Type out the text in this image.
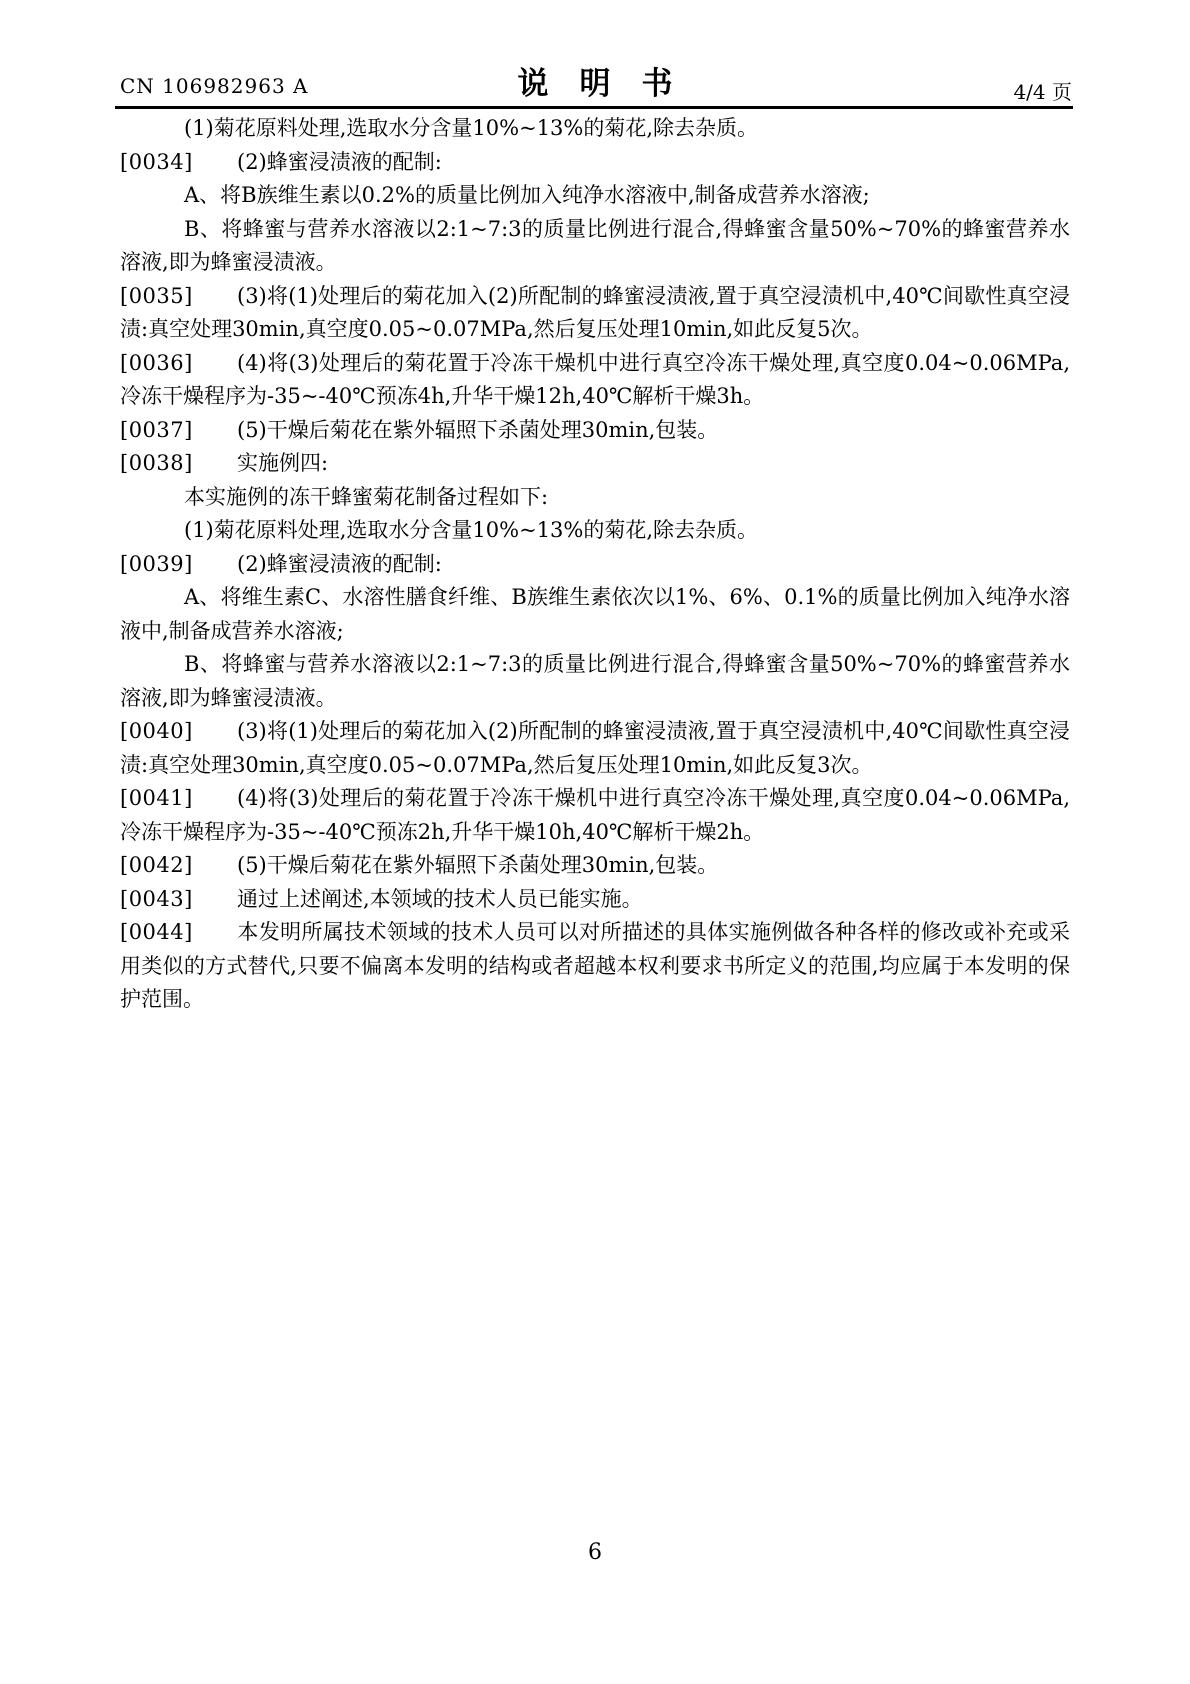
CN 106982963 A	说　明　书	4/4 页
(1)菊花原料处理,选取水分含量10%~13%的菊花,除去杂质。
[0034] (2)蜂蜜浸渍液的配制:
A、将B族维生素以0.2%的质量比例加入纯净水溶液中,制备成营养水溶液;
B、将蜂蜜与营养水溶液以2:1~7:3的质量比例进行混合,得蜂蜜含量50%~70%的蜂蜜营养水溶液,即为蜂蜜浸渍液。
[0035] (3)将(1)处理后的菊花加入(2)所配制的蜂蜜浸渍液,置于真空浸渍机中,40℃间歇性真空浸渍:真空处理30min,真空度0.05~0.07MPa,然后复压处理10min,如此反复5次。
[0036] (4)将(3)处理后的菊花置于冷冻干燥机中进行真空冷冻干燥处理,真空度0.04~0.06MPa,冷冻干燥程序为-35~-40℃预冻4h,升华干燥12h,40℃解析干燥3h。
[0037] (5)干燥后菊花在紫外辐照下杀菌处理30min,包装。
[0038] 实施例四:
本实施例的冻干蜂蜜菊花制备过程如下:
(1)菊花原料处理,选取水分含量10%~13%的菊花,除去杂质。
[0039] (2)蜂蜜浸渍液的配制:
A、将维生素C、水溶性膳食纤维、B族维生素依次以1%、6%、0.1%的质量比例加入纯净水溶液中,制备成营养水溶液;
B、将蜂蜜与营养水溶液以2:1~7:3的质量比例进行混合,得蜂蜜含量50%~70%的蜂蜜营养水溶液,即为蜂蜜浸渍液。
[0040] (3)将(1)处理后的菊花加入(2)所配制的蜂蜜浸渍液,置于真空浸渍机中,40℃间歇性真空浸渍:真空处理30min,真空度0.05~0.07MPa,然后复压处理10min,如此反复3次。
[0041] (4)将(3)处理后的菊花置于冷冻干燥机中进行真空冷冻干燥处理,真空度0.04~0.06MPa,冷冻干燥程序为-35~-40℃预冻2h,升华干燥10h,40℃解析干燥2h。
[0042] (5)干燥后菊花在紫外辐照下杀菌处理30min,包装。
[0043] 通过上述阐述,本领域的技术人员已能实施。
[0044] 本发明所属技术领域的技术人员可以对所描述的具体实施例做各种各样的修改或补充或采用类似的方式替代,只要不偏离本发明的结构或者超越本权利要求书所定义的范围,均应属于本发明的保护范围。
6
